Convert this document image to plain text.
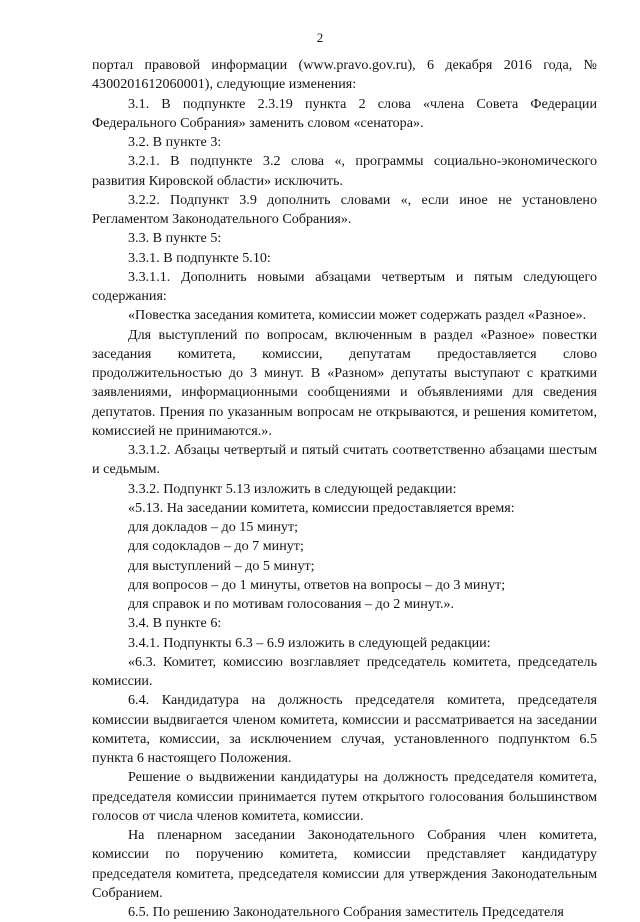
2

портал правовой информации (www.pravo.gov.ru), 6 декабря 2016 года, № 4300201612060001), следующие изменения:

3.1. В подпункте 2.3.19 пункта 2 слова «члена Совета Федерации Федерального Собрания» заменить словом «сенатора».

3.2. В пункте 3:

3.2.1. В подпункте 3.2 слова «, программы социально-экономического развития Кировской области» исключить.

3.2.2. Подпункт 3.9 дополнить словами «, если иное не установлено Регламентом Законодательного Собрания».

3.3. В пункте 5:

3.3.1. В подпункте 5.10:

3.3.1.1. Дополнить новыми абзацами четвертым и пятым следующего содержания:

«Повестка заседания комитета, комиссии может содержать раздел «Разное».

Для выступлений по вопросам, включенным в раздел «Разное» повестки заседания комитета, комиссии, депутатам предоставляется слово продолжительностью до 3 минут. В «Разном» депутаты выступают с краткими заявлениями, информационными сообщениями и объявлениями для сведения депутатов. Прения по указанным вопросам не открываются, и решения комитетом, комиссией не принимаются.».

3.3.1.2. Абзацы четвертый и пятый считать соответственно абзацами шестым и седьмым.

3.3.2. Подпункт 5.13 изложить в следующей редакции:

«5.13. На заседании комитета, комиссии предоставляется время:

для докладов – до 15 минут;

для содокладов – до 7 минут;

для выступлений – до 5 минут;

для вопросов – до 1 минуты, ответов на вопросы – до 3 минут;

для справок и по мотивам голосования – до 2 минут.».

3.4. В пункте 6:

3.4.1. Подпункты 6.3 – 6.9 изложить в следующей редакции:

«6.3. Комитет, комиссию возглавляет председатель комитета, председатель комиссии.

6.4. Кандидатура на должность председателя комитета, председателя комиссии выдвигается членом комитета, комиссии и рассматривается на заседании комитета, комиссии, за исключением случая, установленного подпунктом 6.5 пункта 6 настоящего Положения.

Решение о выдвижении кандидатуры на должность председателя комитета, председателя комиссии принимается путем открытого голосования большинством голосов от числа членов комитета, комиссии.

На пленарном заседании Законодательного Собрания член комитета, комиссии по поручению комитета, комиссии представляет кандидатуру председателя комитета, председателя комиссии для утверждения Законодательным Собранием.

6.5. По решению Законодательного Собрания заместитель Председателя
